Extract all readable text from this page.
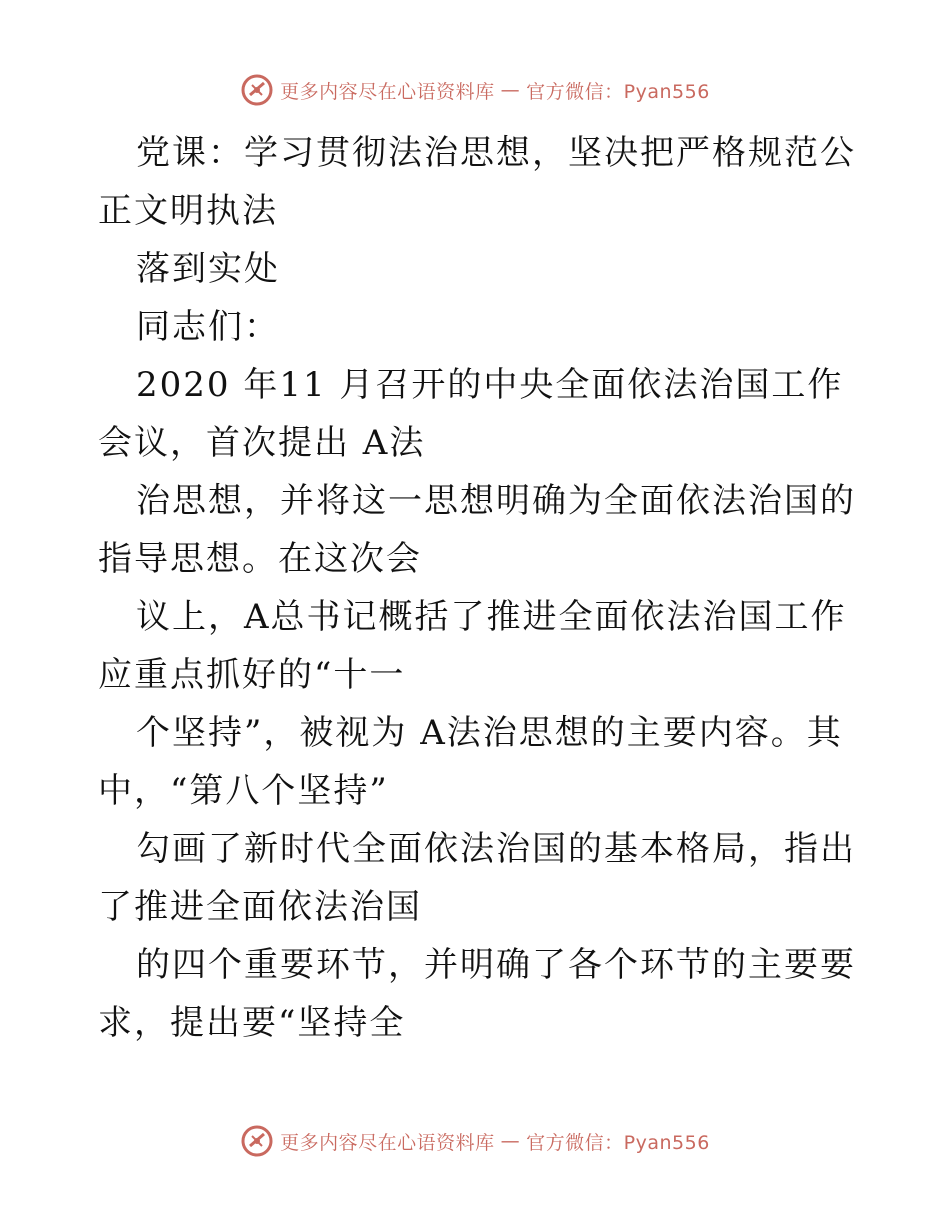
更多内容尽在心语资料库 — 官方微信：Pyan556

党课：学习贯彻法治思想，坚决把严格规范公正文明执法

落到实处

同志们：

2020 年11 月召开的中央全面依法治国工作会议，首次提出 A法

治思想，并将这一思想明确为全面依法治国的指导思想。在这次会

议上，A总书记概括了推进全面依法治国工作应重点抓好的“十一

个坚持”，被视为 A法治思想的主要内容。其中，“第八个坚持”

勾画了新时代全面依法治国的基本格局，指出了推进全面依法治国

的四个重要环节，并明确了各个环节的主要要求，提出要“坚持全

更多内容尽在心语资料库 — 官方微信：Pyan556
